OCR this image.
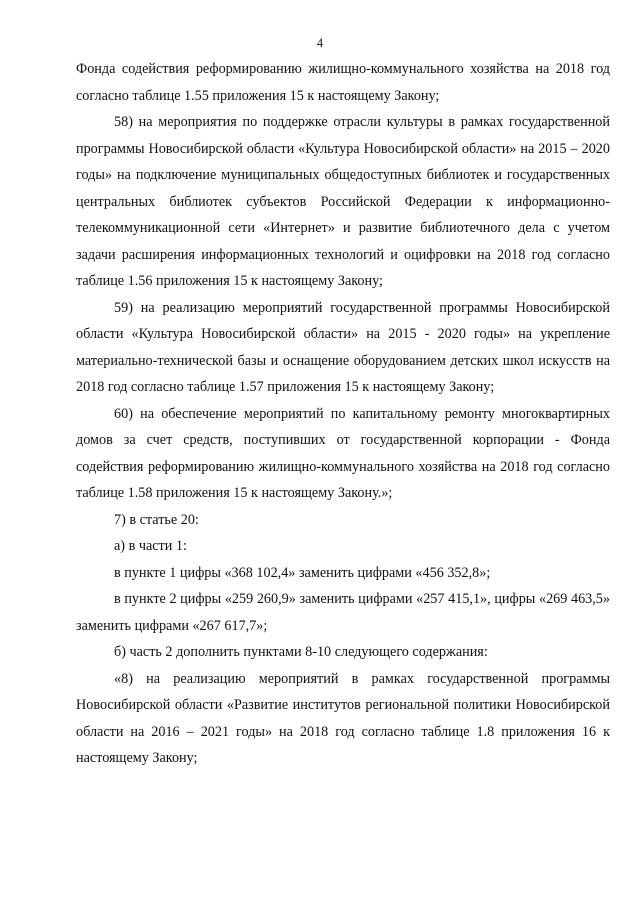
4

Фонда содействия реформированию жилищно-коммунального хозяйства на 2018 год согласно таблице 1.55 приложения 15 к настоящему Закону;

58) на мероприятия по поддержке отрасли культуры в рамках государственной программы Новосибирской области «Культура Новосибирской области» на 2015 – 2020 годы» на подключение муниципальных общедоступных библиотек и государственных центральных библиотек субъектов Российской Федерации к информационно-телекоммуникационной сети «Интернет» и развитие библиотечного дела с учетом задачи расширения информационных технологий и оцифровки на 2018 год согласно таблице 1.56 приложения 15 к настоящему Закону;

59) на реализацию мероприятий государственной программы Новосибирской области «Культура Новосибирской области» на 2015 - 2020 годы» на укрепление материально-технической базы и оснащение оборудованием детских школ искусств на 2018 год согласно таблице 1.57 приложения 15 к настоящему Закону;

60) на обеспечение мероприятий по капитальному ремонту многоквартирных домов за счет средств, поступивших от государственной корпорации - Фонда содействия реформированию жилищно-коммунального хозяйства на 2018 год согласно таблице 1.58 приложения 15 к настоящему Закону.»;

7) в статье 20:

а) в части 1:

в пункте 1 цифры «368 102,4» заменить цифрами «456 352,8»;

в пункте 2 цифры «259 260,9» заменить цифрами «257 415,1», цифры «269 463,5» заменить цифрами «267 617,7»;

б) часть 2 дополнить пунктами 8-10 следующего содержания:

«8) на реализацию мероприятий в рамках государственной программы Новосибирской области «Развитие институтов региональной политики Новосибирской области на 2016 – 2021 годы» на 2018 год согласно таблице 1.8 приложения 16 к настоящему Закону;
